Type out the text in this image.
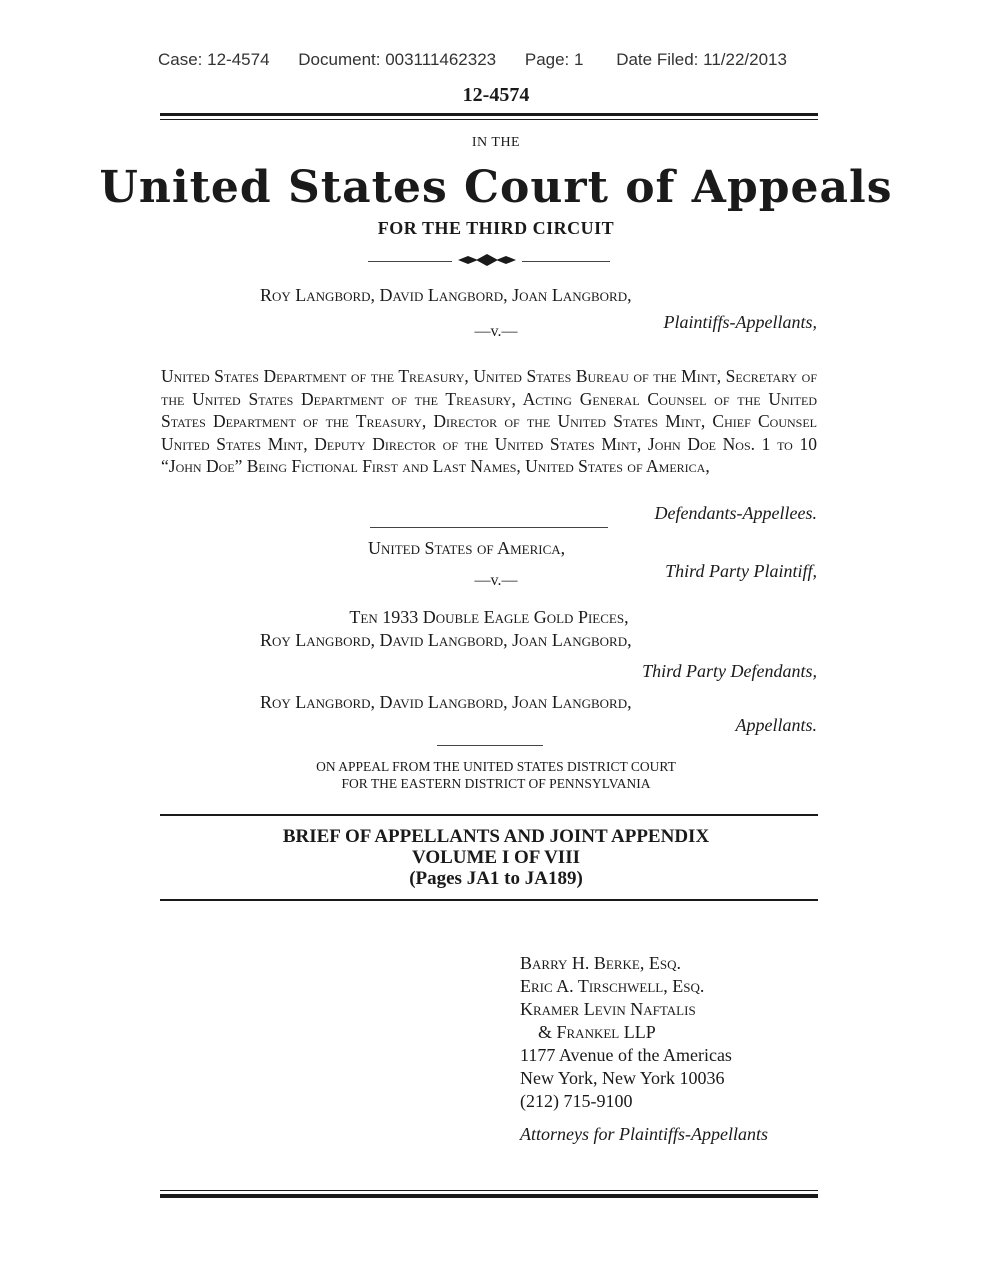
Case: 12-4574 Document: 003111462323 Page: 1 Date Filed: 11/22/2013
12-4574
IN THE
United States Court of Appeals
FOR THE THIRD CIRCUIT
Roy Langbord, David Langbord, Joan Langbord,
Plaintiffs-Appellants,
—v.—
United States Department of the Treasury, United States Bureau of the Mint, Secretary of the United States Department of the Treasury, Acting General Counsel of the United States Department of the Treasury, Director of the United States Mint, Chief Counsel United States Mint, Deputy Director of the United States Mint, John Doe Nos. 1 to 10 “John Doe” Being Fictional First and Last Names, United States of America,
Defendants-Appellees.
United States of America,
Third Party Plaintiff,
—v.—
Ten 1933 Double Eagle Gold Pieces,
Roy Langbord, David Langbord, Joan Langbord,
Third Party Defendants,
Roy Langbord, David Langbord, Joan Langbord,
Appellants.
ON APPEAL FROM THE UNITED STATES DISTRICT COURT
FOR THE EASTERN DISTRICT OF PENNSYLVANIA
BRIEF OF APPELLANTS AND JOINT APPENDIX
VOLUME I OF VIII
(Pages JA1 to JA189)
Barry H. Berke, Esq.
Eric A. Tirschwell, Esq.
Kramer Levin Naftalis
& Frankel LLP
1177 Avenue of the Americas
New York, New York 10036
(212) 715-9100
Attorneys for Plaintiffs-Appellants
